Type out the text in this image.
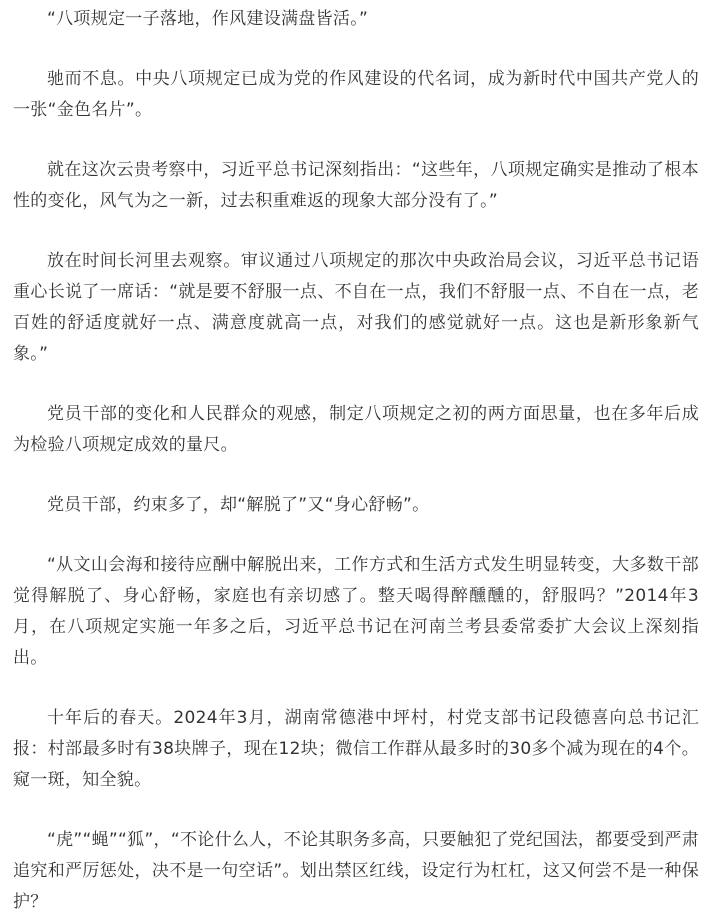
“八项规定一子落地，作风建设满盘皆活。”

驰而不息。中央八项规定已成为党的作风建设的代名词，成为新时代中国共产党人的一张“金色名片”。

就在这次云贵考察中，习近平总书记深刻指出：“这些年，八项规定确实是推动了根本性的变化，风气为之一新，过去积重难返的现象大部分没有了。”

放在时间长河里去观察。审议通过八项规定的那次中央政治局会议，习近平总书记语重心长说了一席话：“就是要不舒服一点、不自在一点，我们不舒服一点、不自在一点，老百姓的舒适度就好一点、满意度就高一点，对我们的感觉就好一点。这也是新形象新气象。”

党员干部的变化和人民群众的观感，制定八项规定之初的两方面思量，也在多年后成为检验八项规定成效的量尺。

党员干部，约束多了，却“解脱了”又“身心舒畅”。

“从文山会海和接待应酬中解脱出来，工作方式和生活方式发生明显转变，大多数干部觉得解脱了、身心舒畅，家庭也有亲切感了。整天喝得醉醺醺的，舒服吗？”2014年3月，在八项规定实施一年多之后，习近平总书记在河南兰考县委常委扩大会议上深刻指出。

十年后的春天。2024年3月，湖南常德港中坪村，村党支部书记段德喜向总书记汇报：村部最多时有38块牌子，现在12块；微信工作群从最多时的30多个减为现在的4个。窥一斑，知全貌。

“虎”“蝇”“狐”，“不论什么人，不论其职务多高，只要触犯了党纪国法，都要受到严肃追究和严厉惩处，决不是一句空话”。划出禁区红线，设定行为杠杠，这又何尝不是一种保护？
